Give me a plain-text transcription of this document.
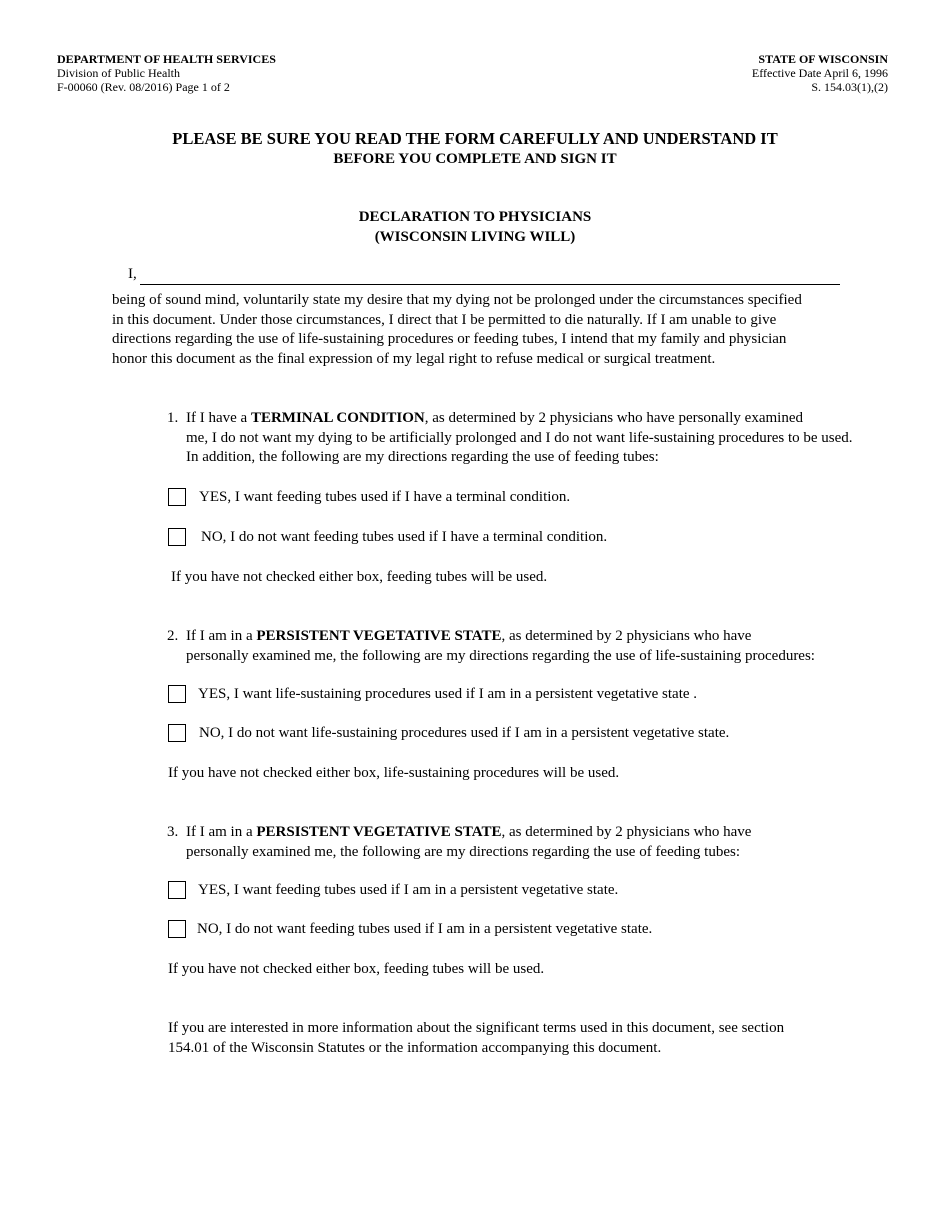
DEPARTMENT OF HEALTH SERVICES
Division of Public Health
F-00060 (Rev. 08/2016) Page 1 of 2
STATE OF WISCONSIN
Effective Date April 6, 1996
S. 154.03(1),(2)
PLEASE BE SURE YOU READ THE FORM CAREFULLY AND UNDERSTAND IT
BEFORE YOU COMPLETE AND SIGN IT
DECLARATION TO PHYSICIANS
(WISCONSIN LIVING WILL)
I,
being of sound mind, voluntarily state my desire that my dying not be prolonged under the circumstances specified
in this document. Under those circumstances, I direct that I be permitted to die naturally. If I am unable to give
directions regarding the use of life-sustaining procedures or feeding tubes, I intend that my family and physician
honor this document as the final expression of my legal right to refuse medical or surgical treatment.
1. If I have a TERMINAL CONDITION, as determined by 2 physicians who have personally examined
me, I do not want my dying to be artificially prolonged and I do not want life-sustaining procedures to be used.
In addition, the following are my directions regarding the use of feeding tubes:
YES, I want feeding tubes used if I have a terminal condition.
NO, I do not want feeding tubes used if I have a terminal condition.
If you have not checked either box, feeding tubes will be used.
2. If I am in a PERSISTENT VEGETATIVE STATE, as determined by 2 physicians who have
personally examined me, the following are my directions regarding the use of life-sustaining procedures:
YES, I want life-sustaining procedures used if I am in a persistent vegetative state .
NO, I do not want life-sustaining procedures used if I am in a persistent vegetative state.
If you have not checked either box, life-sustaining procedures will be used.
3. If I am in a PERSISTENT VEGETATIVE STATE, as determined by 2 physicians who have
personally examined me, the following are my directions regarding the use of feeding tubes:
YES, I want feeding tubes used if I am in a persistent vegetative state.
NO, I do not want feeding tubes used if I am in a persistent vegetative state.
If you have not checked either box, feeding tubes will be used.
If you are interested in more information about the significant terms used in this document, see section
154.01 of the Wisconsin Statutes or the information accompanying this document.
